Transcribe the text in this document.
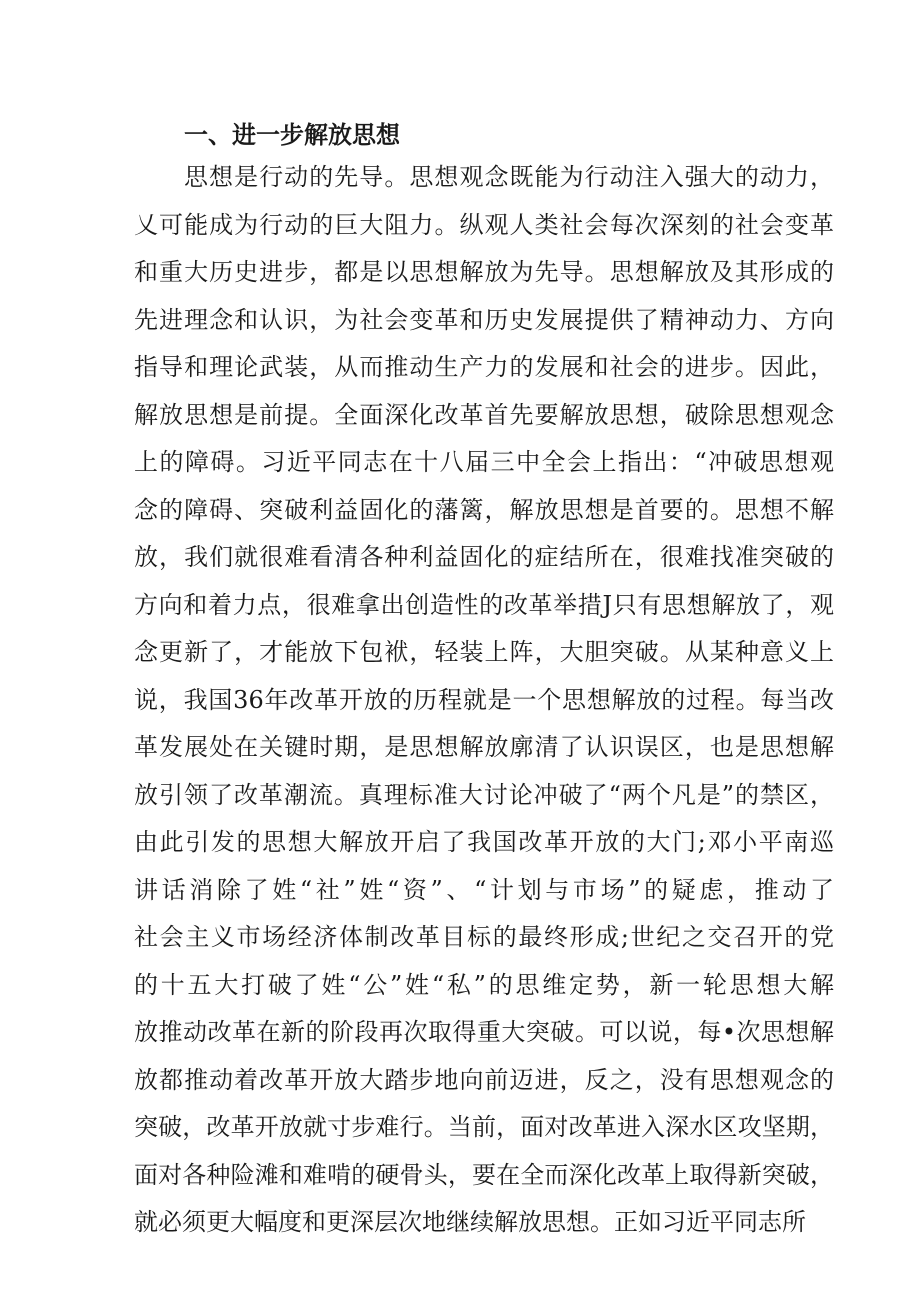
一、进一步解放思想
思想是行动的先导。思想观念既能为行动注入强大的动力，
乂可能成为行动的巨大阻力。纵观人类社会每次深刻的社会变革
和重大历史进步，都是以思想解放为先导。思想解放及其形成的
先进理念和认识，为社会变革和历史发展提供了精神动力、方向
指导和理论武装，从而推动生产力的发展和社会的进步。因此，
解放思想是前提。全面深化改革首先要解放思想，破除思想观念
上的障碍。习近平同志在十八届三中全会上指出：“冲破思想观
念的障碍、突破利益固化的藩篱，解放思想是首要的。思想不解
放，我们就很难看清各种利益固化的症结所在，很难找准突破的
方向和着力点，很难拿出创造性的改革举措J只有思想解放了，观
念更新了，才能放下包袱，轻装上阵，大胆突破。从某种意义上
说，我国36年改革开放的历程就是一个思想解放的过程。每当改
革发展处在关键时期，是思想解放廓清了认识误区，也是思想解
放引领了改革潮流。真理标准大讨论冲破了“两个凡是”的禁区，
由此引发的思想大解放开启了我国改革开放的大门;邓小平南巡
讲话消除了姓“社”姓“资”、“计划与市场”的疑虑，推动了
社会主义市场经济体制改革目标的最终形成;世纪之交召开的党
的十五大打破了姓“公”姓“私”的思维定势，新一轮思想大解
放推动改革在新的阶段再次取得重大突破。可以说，每•次思想解
放都推动着改革开放大踏步地向前迈进，反之，没有思想观念的
突破，改革开放就寸步难行。当前，面对改革进入深水区攻坚期，
面对各种险滩和难啃的硬骨头，要在全而深化改革上取得新突破，
就必须更大幅度和更深层次地继续解放思想。正如习近平同志所
